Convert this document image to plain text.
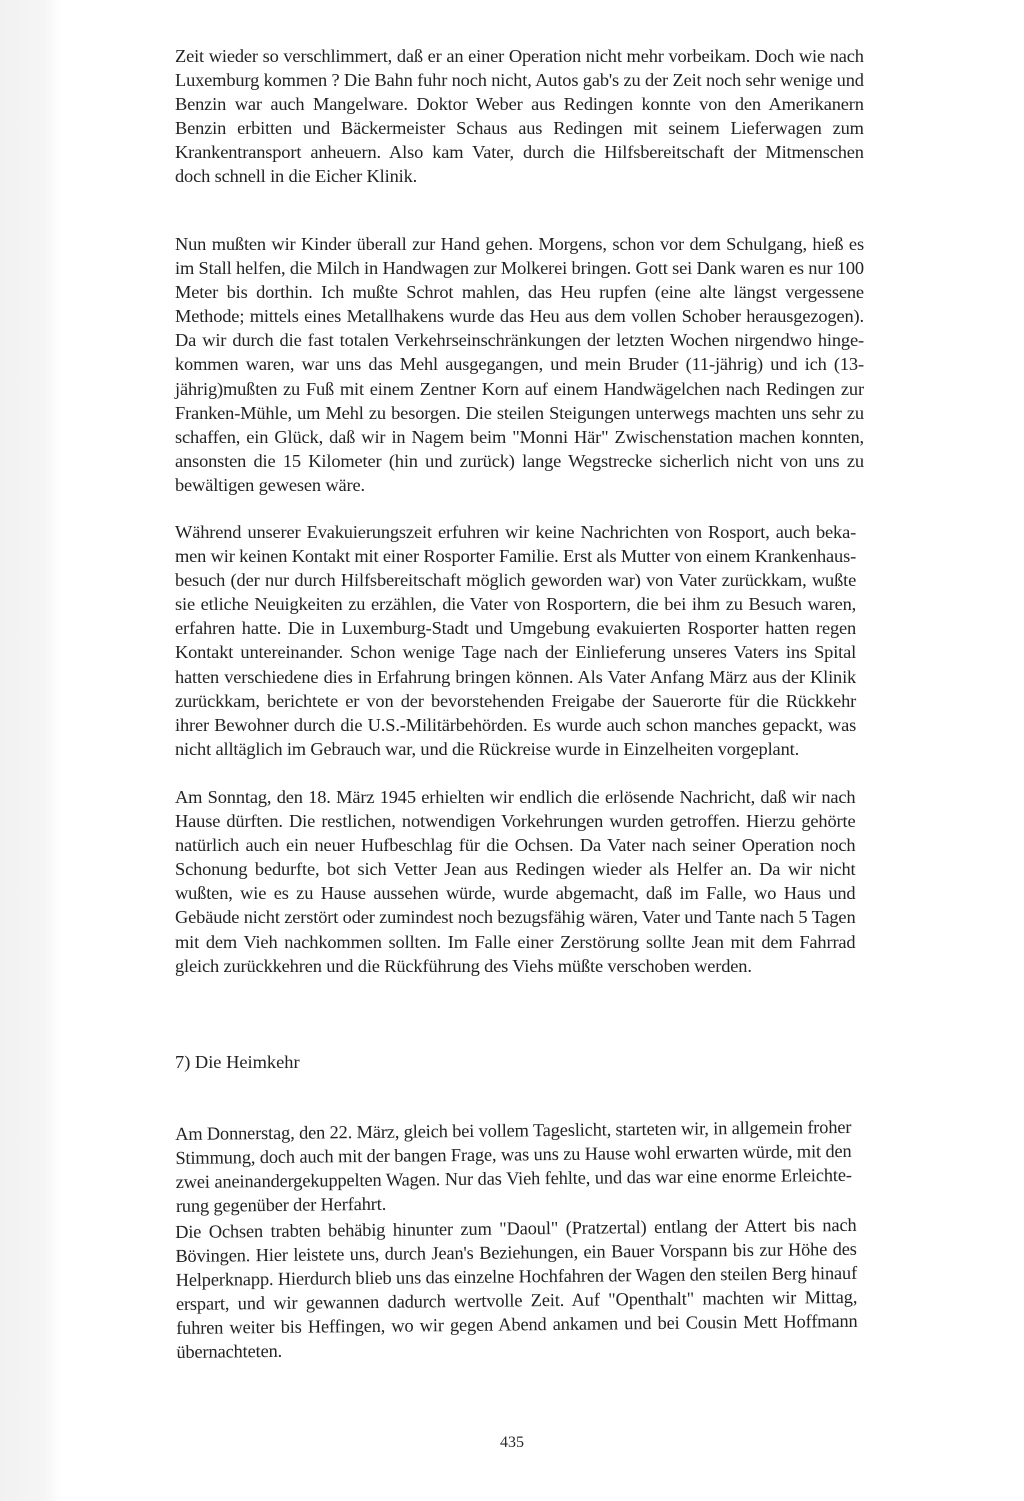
Zeit wieder so verschlimmert, daß er an einer Operation nicht mehr vorbeikam. Doch wie nach
Luxemburg kommen ? Die Bahn fuhr noch nicht, Autos gab's zu der Zeit noch sehr wenige und
Benzin war auch Mangelware. Doktor Weber aus Redingen konnte von den Amerikanern
Benzin erbitten und Bäckermeister Schaus aus Redingen mit seinem Lieferwagen zum
Krankentransport anheuern. Also kam Vater, durch die Hilfsbereitschaft der Mitmenschen
doch schnell in die Eicher Klinik.

Nun mußten wir Kinder überall zur Hand gehen. Morgens, schon vor dem Schulgang, hieß es
im Stall helfen, die Milch in Handwagen zur Molkerei bringen. Gott sei Dank waren es nur 100
Meter bis dorthin. Ich mußte Schrot mahlen, das Heu rupfen (eine alte längst vergessene
Methode; mittels eines Metallhakens wurde das Heu aus dem vollen Schober herausgezogen).
Da wir durch die fast totalen Verkehrseinschränkungen der letzten Wochen nirgendwo hinge-
kommen waren, war uns das Mehl ausgegangen, und mein Bruder (11-jährig) und ich (13-
jährig)mußten zu Fuß mit einem Zentner Korn auf einem Handwägelchen nach Redingen zur
Franken-Mühle, um Mehl zu besorgen. Die steilen Steigungen unterwegs machten uns sehr zu
schaffen, ein Glück, daß wir in Nagem beim "Monni Här" Zwischenstation machen konnten,
ansonsten die 15 Kilometer (hin und zurück) lange Wegstrecke sicherlich nicht von uns zu
bewältigen gewesen wäre.

Während unserer Evakuierungszeit erfuhren wir keine Nachrichten von Rosport, auch beka-
men wir keinen Kontakt mit einer Rosporter Familie. Erst als Mutter von einem Krankenhaus-
besuch (der nur durch Hilfsbereitschaft möglich geworden war) von Vater zurückkam, wußte
sie etliche Neuigkeiten zu erzählen, die Vater von Rosportern, die bei ihm zu Besuch waren,
erfahren hatte. Die in Luxemburg-Stadt und Umgebung evakuierten Rosporter hatten regen
Kontakt untereinander. Schon wenige Tage nach der Einlieferung unseres Vaters ins Spital
hatten verschiedene dies in Erfahrung bringen können. Als Vater Anfang März aus der Klinik
zurückkam, berichtete er von der bevorstehenden Freigabe der Sauerorte für die Rückkehr
ihrer Bewohner durch die U.S.-Militärbehörden. Es wurde auch schon manches gepackt, was
nicht alltäglich im Gebrauch war, und die Rückreise wurde in Einzelheiten vorgeplant.

Am Sonntag, den 18. März 1945 erhielten wir endlich die erlösende Nachricht, daß wir nach
Hause dürften. Die restlichen, notwendigen Vorkehrungen wurden getroffen. Hierzu gehörte
natürlich auch ein neuer Hufbeschlag für die Ochsen. Da Vater nach seiner Operation noch
Schonung bedurfte, bot sich Vetter Jean aus Redingen wieder als Helfer an. Da wir nicht
wußten, wie es zu Hause aussehen würde, wurde abgemacht, daß im Falle, wo Haus und
Gebäude nicht zerstört oder zumindest noch bezugsfähig wären, Vater und Tante nach 5 Tagen
mit dem Vieh nachkommen sollten. Im Falle einer Zerstörung sollte Jean mit dem Fahrrad
gleich zurückkehren und die Rückführung des Viehs müßte verschoben werden.

7) Die Heimkehr

Am Donnerstag, den 22. März, gleich bei vollem Tageslicht, starteten wir, in allgemein froher
Stimmung, doch auch mit der bangen Frage, was uns zu Hause wohl erwarten würde, mit den
zwei aneinandergekuppelten Wagen. Nur das Vieh fehlte, und das war eine enorme Erleichte-
rung gegenüber der Herfahrt.

Die Ochsen trabten behäbig hinunter zum "Daoul" (Pratzertal) entlang der Attert bis nach
Bövingen. Hier leistete uns, durch Jean's Beziehungen, ein Bauer Vorspann bis zur Höhe des
Helperknapp. Hierdurch blieb uns das einzelne Hochfahren der Wagen den steilen Berg hinauf
erspart, und wir gewannen dadurch wertvolle Zeit. Auf "Openthalt" machten wir Mittag,
fuhren weiter bis Heffingen, wo wir gegen Abend ankamen und bei Cousin Mett Hoffmann
übernachteten.

435
